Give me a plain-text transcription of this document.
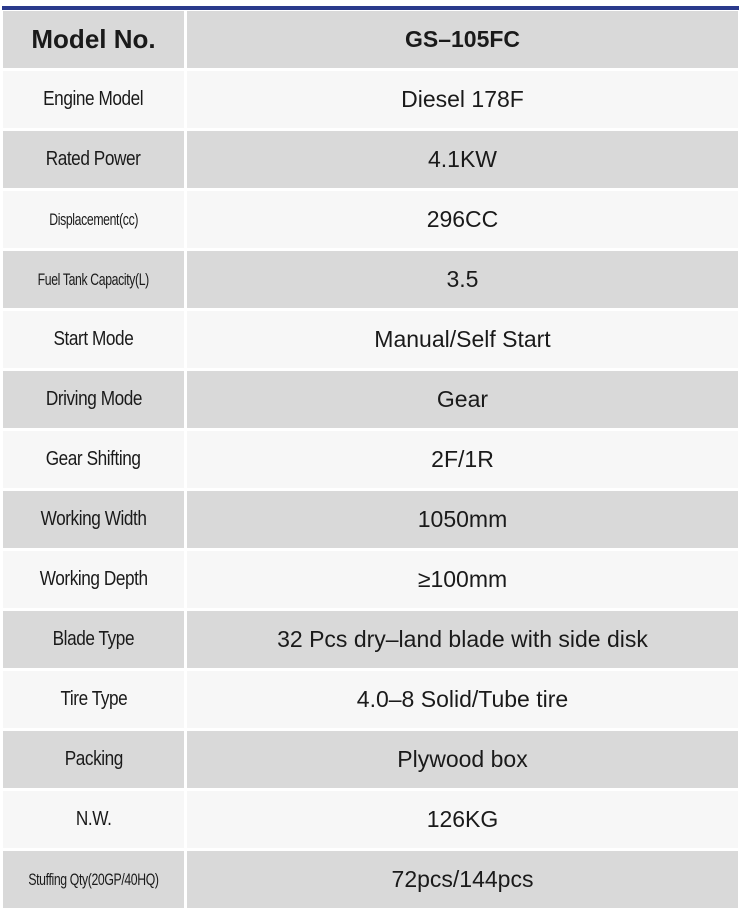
Model No.	GS–105FC
Engine Model	Diesel 178F
Rated Power	4.1KW
Displacement(cc)	296CC
Fuel Tank Capacity(L)	3.5
Start Mode	Manual/Self Start
Driving Mode	Gear
Gear Shifting	2F/1R
Working Width	1050mm
Working Depth	≥100mm
Blade Type	32 Pcs dry–land blade with side disk
Tire Type	4.0–8 Solid/Tube tire
Packing	Plywood box
N.W.	126KG
Stuffing Qty(20GP/40HQ)	72pcs/144pcs
